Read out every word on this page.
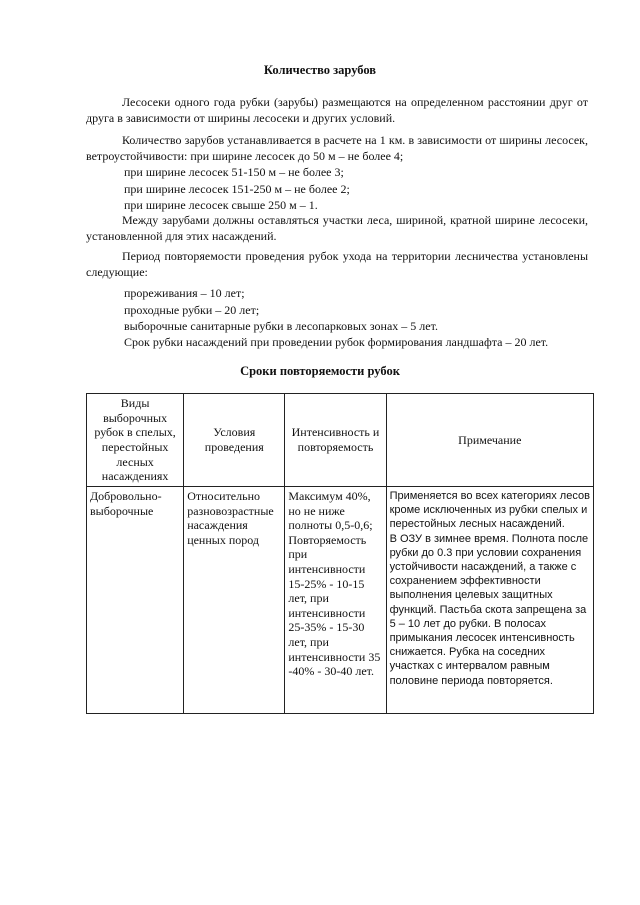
Количество зарубов
Лесосеки одного года рубки (зарубы) размещаются на определенном расстоянии друг от друга в зависимости от ширины лесосеки и других условий.
Количество зарубов устанавливается в расчете на 1 км. в зависимости от ширины лесосек, ветроустойчивости: при ширине лесосек до 50 м – не более 4;
при ширине лесосек 51-150 м – не более 3;
при ширине лесосек 151-250 м – не более 2;
при ширине лесосек свыше 250 м – 1.
Между зарубами должны оставляться участки леса, шириной, кратной ширине лесосеки, установленной для этих насаждений.
Период повторяемости проведения рубок ухода на территории лесничества установлены следующие:
прореживания – 10 лет;
проходные рубки – 20 лет;
выборочные санитарные рубки в лесопарковых зонах – 5 лет.
Срок рубки насаждений при проведении рубок формирования ландшафта – 20 лет.
Сроки повторяемости рубок
Виды выборочных рубок в спелых, перестойных лесных насаждениях	Условия проведения	Интенсивность и повторяемость	Примечание
Добровольно-выборочные	Относительно разновозрастные насаждения ценных пород	Максимум 40%, но не ниже полноты 0,5-0,6; Повторяемость при интенсивности 15-25% - 10-15 лет, при интенсивности 25-35% - 15-30 лет, при интенсивности 35 -40% - 30-40 лет.	Применяется во всех категориях лесов кроме исключенных из рубки спелых и перестойных лесных насаждений.
В ОЗУ в зимнее время. Полнота после рубки до 0.3 при условии сохранения устойчивости насаждений, а также с сохранением эффективности выполнения целевых защитных функций. Пастьба скота запрещена за 5 – 10 лет до рубки. В полосах примыкания лесосек интенсивность снижается. Рубка на соседних участках с интервалом равным половине периода повторяется.
